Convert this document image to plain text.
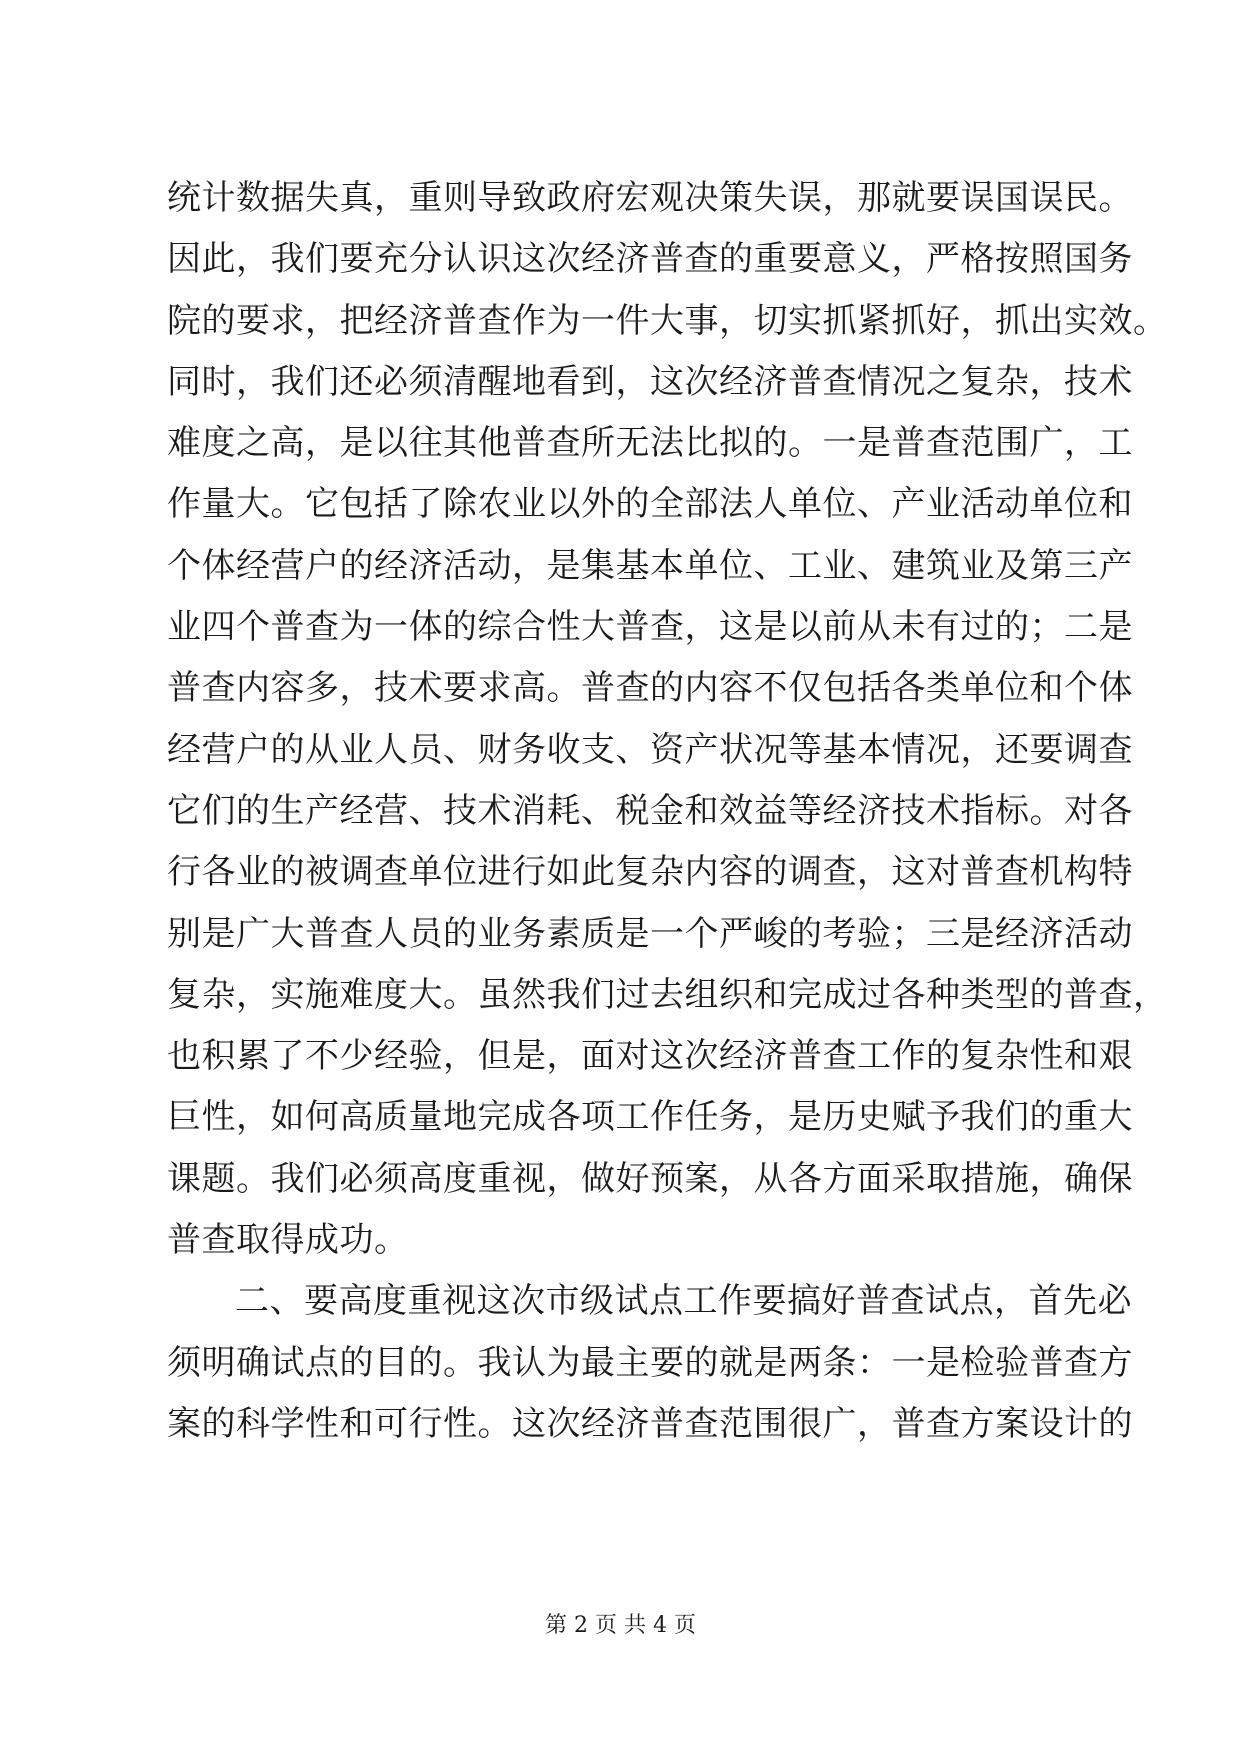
统计数据失真，重则导致政府宏观决策失误，那就要误国误民。
因此，我们要充分认识这次经济普查的重要意义，严格按照国务
院的要求，把经济普查作为一件大事，切实抓紧抓好，抓出实效。
同时，我们还必须清醒地看到，这次经济普查情况之复杂，技术
难度之高，是以往其他普查所无法比拟的。一是普查范围广，工
作量大。它包括了除农业以外的全部法人单位、产业活动单位和
个体经营户的经济活动，是集基本单位、工业、建筑业及第三产
业四个普查为一体的综合性大普查，这是以前从未有过的；二是
普查内容多，技术要求高。普查的内容不仅包括各类单位和个体
经营户的从业人员、财务收支、资产状况等基本情况，还要调查
它们的生产经营、技术消耗、税金和效益等经济技术指标。对各
行各业的被调查单位进行如此复杂内容的调查，这对普查机构特
别是广大普查人员的业务素质是一个严峻的考验；三是经济活动
复杂，实施难度大。虽然我们过去组织和完成过各种类型的普查，
也积累了不少经验，但是，面对这次经济普查工作的复杂性和艰
巨性，如何高质量地完成各项工作任务，是历史赋予我们的重大
课题。我们必须高度重视，做好预案，从各方面采取措施，确保
普查取得成功。
二、要高度重视这次市级试点工作要搞好普查试点，首先必
须明确试点的目的。我认为最主要的就是两条：一是检验普查方
案的科学性和可行性。这次经济普查范围很广，普查方案设计的
第 2 页 共 4 页
